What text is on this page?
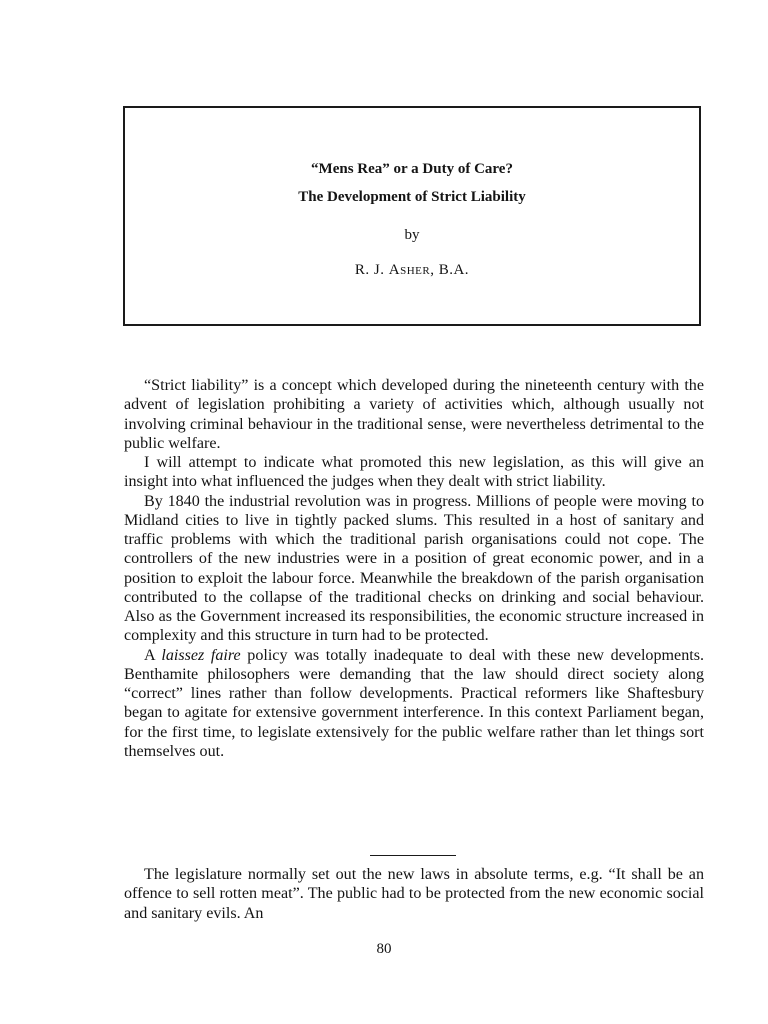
“Mens Rea” or a Duty of Care?
The Development of Strict Liability
by
R. J. Asher, B.A.

“Strict liability” is a concept which developed during the nineteenth century with the advent of legislation prohibiting a variety of activities which, although usually not involving criminal behaviour in the traditional sense, were nevertheless detrimental to the public welfare.

I will attempt to indicate what promoted this new legislation, as this will give an insight into what influenced the judges when they dealt with strict liability.

By 1840 the industrial revolution was in progress. Millions of people were moving to Midland cities to live in tightly packed slums. This resulted in a host of sanitary and traffic problems with which the traditional parish organisations could not cope. The controllers of the new industries were in a position of great economic power, and in a position to exploit the labour force. Meanwhile the breakdown of the parish organisation contributed to the collapse of the traditional checks on drinking and social behaviour. Also as the Government increased its responsibilities, the economic structure increased in complexity and this structure in turn had to be protected.

A laissez faire policy was totally inadequate to deal with these new developments. Benthamite philosophers were demanding that the law should direct society along “correct” lines rather than follow developments. Practical reformers like Shaftesbury began to agitate for extensive government interference. In this context Parliament began, for the first time, to legislate extensively for the public welfare rather than let things sort themselves out.

The legislature normally set out the new laws in absolute terms, e.g. “It shall be an offence to sell rotten meat”. The public had to be protected from the new economic social and sanitary evils. An

80
